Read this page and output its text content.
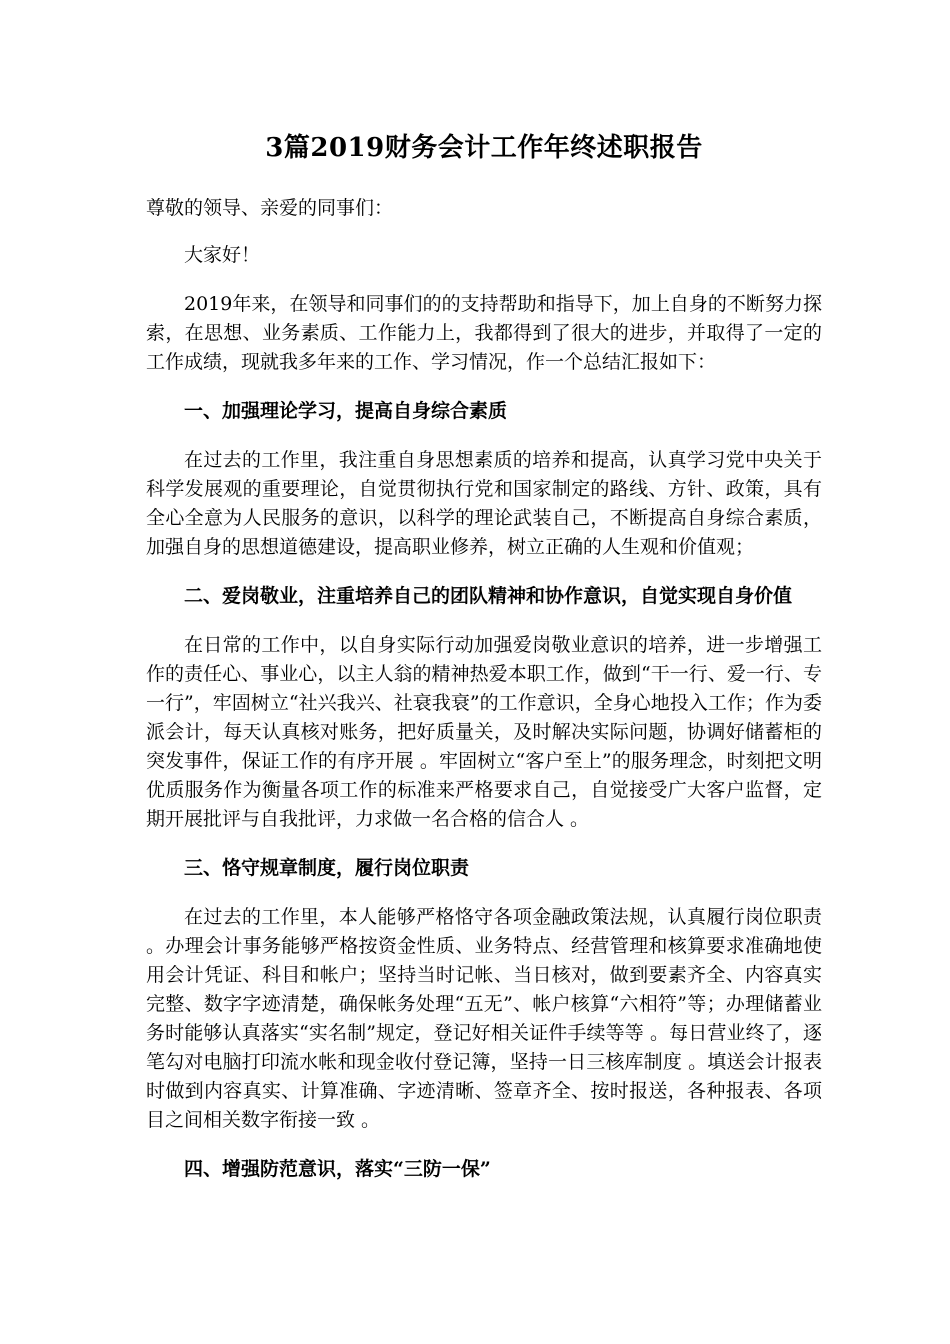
3篇2019财务会计工作年终述职报告
尊敬的领导、亲爱的同事们：
大家好！
2019年来，在领导和同事们的的支持帮助和指导下，加上自身的不断努力探索，在思想、业务素质、工作能力上，我都得到了很大的进步，并取得了一定的工作成绩，现就我多年来的工作、学习情况，作一个总结汇报如下：
一、加强理论学习，提高自身综合素质
在过去的工作里，我注重自身思想素质的培养和提高，认真学习党中央关于科学发展观的重要理论，自觉贯彻执行党和国家制定的路线、方针、政策，具有全心全意为人民服务的意识，以科学的理论武装自己，不断提高自身综合素质，加强自身的思想道德建设，提高职业修养，树立正确的人生观和价值观；
二、爱岗敬业，注重培养自己的团队精神和协作意识，自觉实现自身价值
在日常的工作中，以自身实际行动加强爱岗敬业意识的培养，进一步增强工作的责任心、事业心，以主人翁的精神热爱本职工作，做到“干一行、爱一行、专一行”，牢固树立“社兴我兴、社衰我衰”的工作意识，全身心地投入工作；作为委派会计，每天认真核对账务，把好质量关，及时解决实际问题，协调好储蓄柜的突发事件，保证工作的有序开展 。牢固树立“客户至上”的服务理念，时刻把文明优质服务作为衡量各项工作的标准来严格要求自己，自觉接受广大客户监督，定期开展批评与自我批评，力求做一名合格的信合人 。
三、恪守规章制度，履行岗位职责
在过去的工作里，本人能够严格恪守各项金融政策法规，认真履行岗位职责 。办理会计事务能够严格按资金性质、业务特点、经营管理和核算要求准确地使用会计凭证、科目和帐户；坚持当时记帐、当日核对，做到要素齐全、内容真实完整、数字字迹清楚，确保帐务处理“五无”、帐户核算“六相符”等；办理储蓄业务时能够认真落实“实名制”规定，登记好相关证件手续等等 。每日营业终了，逐笔勾对电脑打印流水帐和现金收付登记簿，坚持一日三核库制度 。填送会计报表时做到内容真实、计算准确、字迹清晰、签章齐全、按时报送，各种报表、各项目之间相关数字衔接一致 。
四、增强防范意识，落实“三防一保”
